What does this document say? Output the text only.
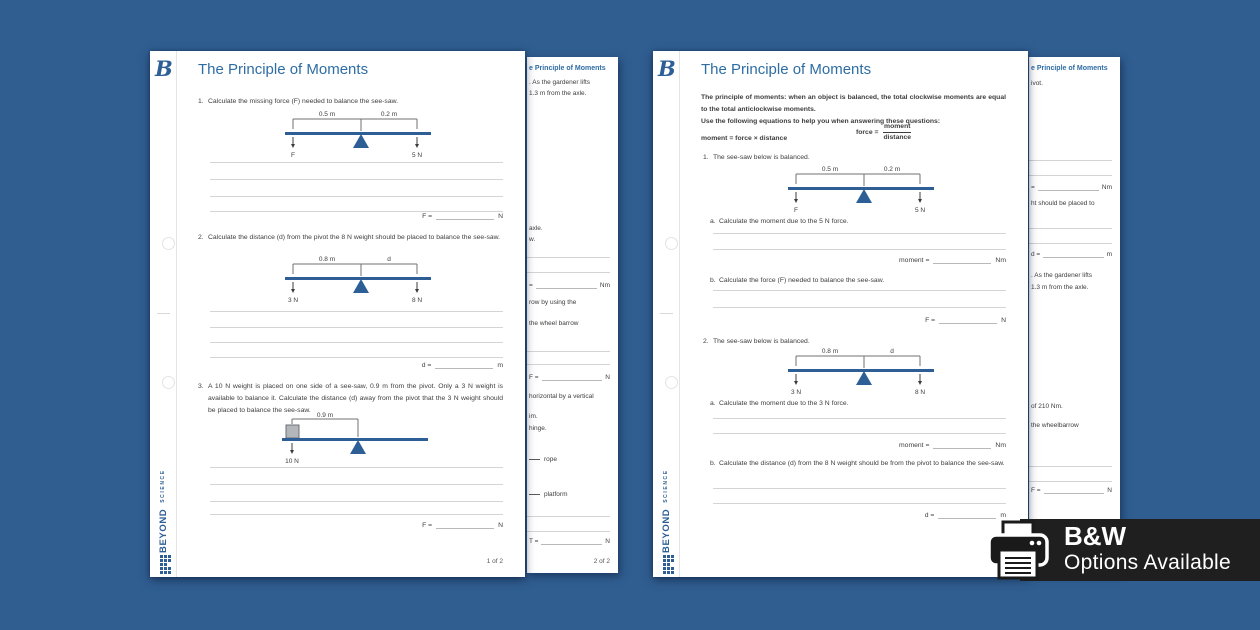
e Principle of Moments
. As the gardener lifts
1.3 m from the axle.
axle.
w.
=	Nm
row by using the
the wheel barrow
F =	N
horizontal by a vertical
im.
hinge.
rope
platform
T =	N
2 of 2
B
BEYOND
SCIENCE
The Principle of Moments
1. Calculate the missing force (F) needed to balance the see-saw.
0.5 m	0.2 m
F	5 N
F =	N
2. Calculate the distance (d) from the pivot the 8 N weight should be placed to balance the see-saw.
0.8 m	d
3 N	8 N
d =	m
3. A 10 N weight is placed on one side of a see-saw, 0.9 m from the pivot. Only a 3 N weight is available to balance it. Calculate the distance (d) away from the pivot that the 3 N weight should be placed to balance the see-saw.
0.9 m
10 N
F =	N
1 of 2
e Principle of Moments
ivot.
=	Nm
ht should be placed to
d =	m
. As the gardener lifts
1.3 m from the axle.
of 210 Nm.
the wheelbarrow
F =	N
B
BEYOND
SCIENCE
The Principle of Moments
The principle of moments: when an object is balanced, the total clockwise moments are equal to the total anticlockwise moments.
Use the following equations to help you when answering these questions:
moment = force × distance
force = $\frac{\text{moment}}{\text{distance}}$
1. The see-saw below is balanced.
0.5 m	0.2 m
F	5 N
a. Calculate the moment due to the 5 N force.
moment =	Nm
b. Calculate the force (F) needed to balance the see-saw.
F =	N
2. The see-saw below is balanced.
0.8 m	d
3 N	8 N
a. Calculate the moment due to the 3 N force.
moment =	Nm
b. Calculate the distance (d) from the 8 N weight should be from the pivot to balance the see-saw.
d =	m
B&W
Options Available
